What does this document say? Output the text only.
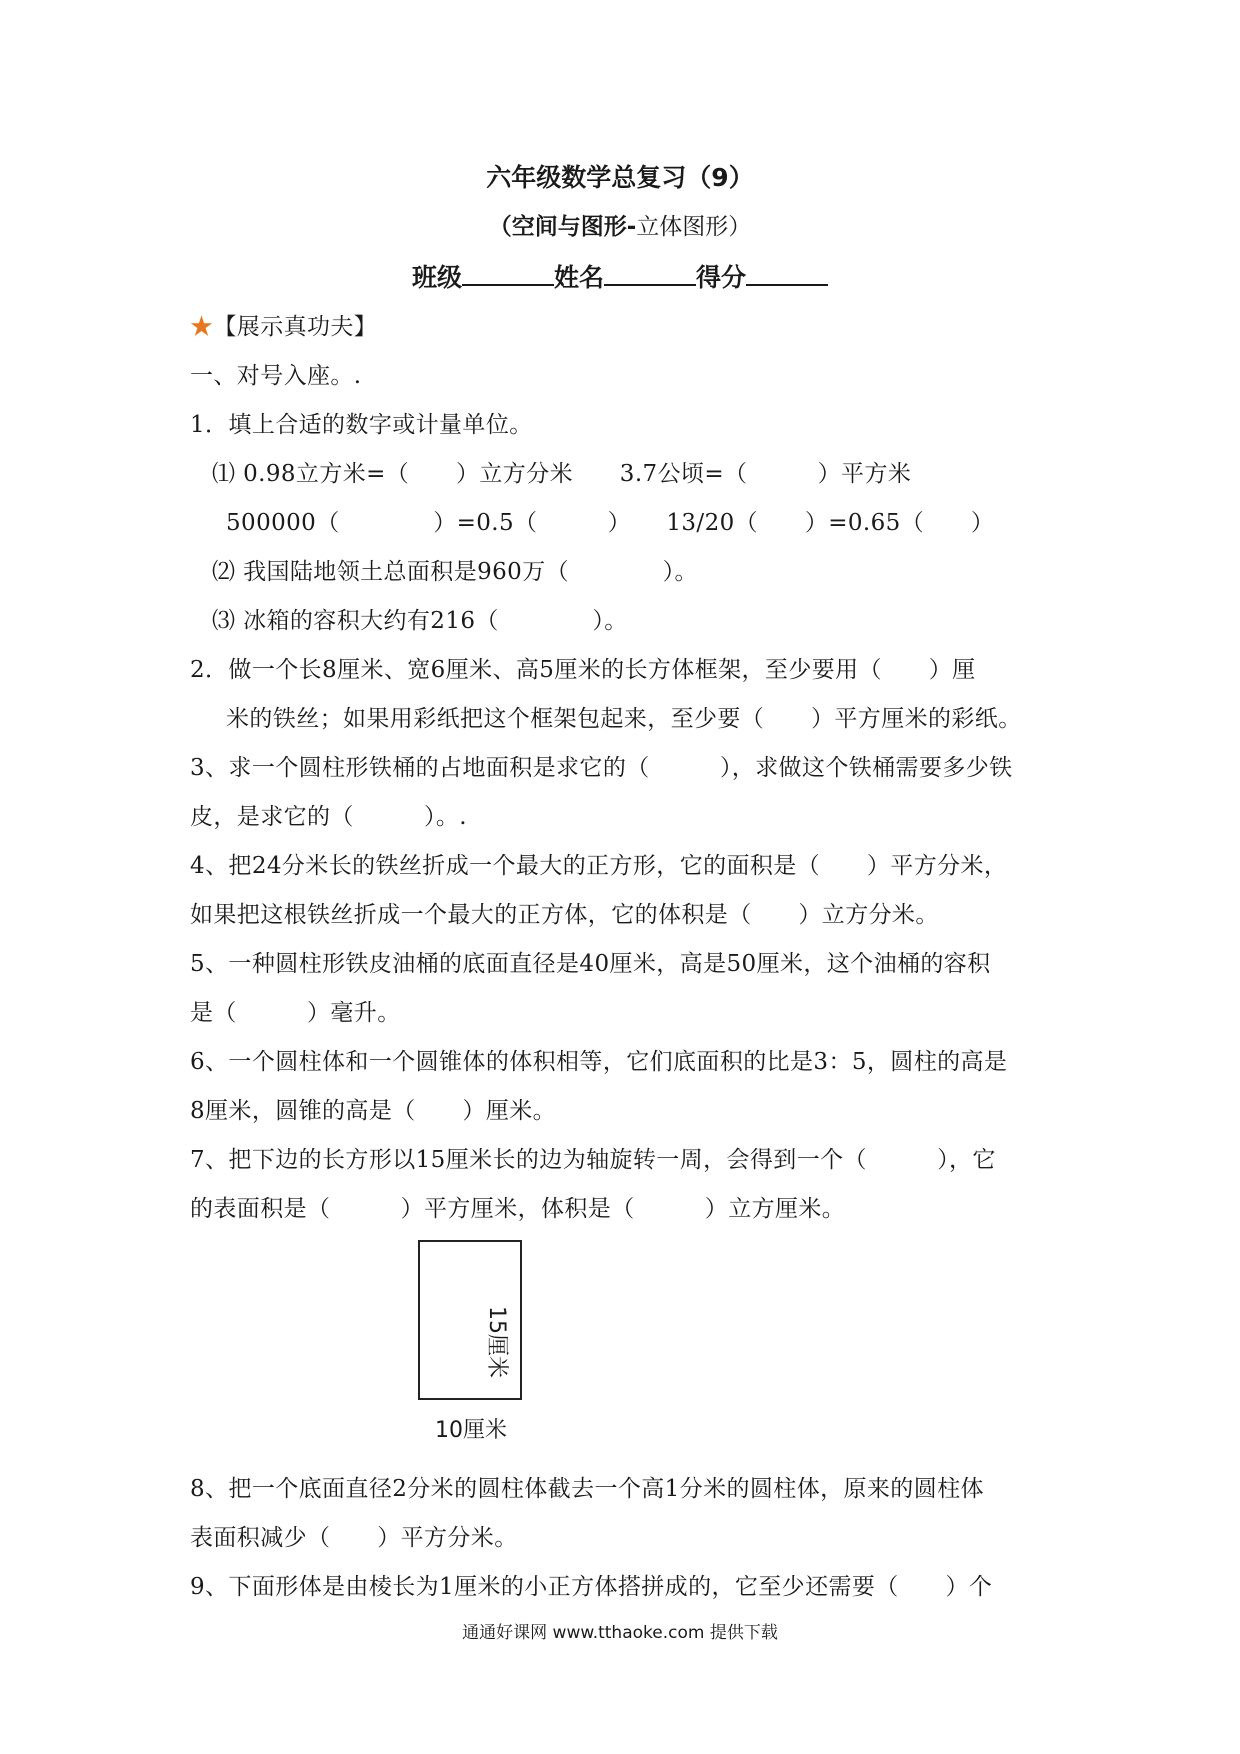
六年级数学总复习（9）
（空间与图形-立体图形）
班级	姓名	得分
★【展示真功夫】
一、对号入座。.
1．填上合适的数字或计量单位。
⑴ 0.98立方米=（　　）立方分米　　3.7公顷=（　　　）平方米
500000（　　　　）=0.5（　　　）　　13/20（　　）=0.65（　　）
⑵ 我国陆地领土总面积是960万（　　　　）。
⑶ 冰箱的容积大约有216（　　　　）。
2．做一个长8厘米、宽6厘米、高5厘米的长方体框架，至少要用（　　）厘
米的铁丝；如果用彩纸把这个框架包起来，至少要（　　）平方厘米的彩纸。
3、求一个圆柱形铁桶的占地面积是求它的（　　　），求做这个铁桶需要多少铁
皮，是求它的（　　　）。.
4、把24分米长的铁丝折成一个最大的正方形，它的面积是（　　）平方分米，
如果把这根铁丝折成一个最大的正方体，它的体积是（　　）立方分米。
5、一种圆柱形铁皮油桶的底面直径是40厘米，高是50厘米，这个油桶的容积
是（　　　）毫升。
6、一个圆柱体和一个圆锥体的体积相等，它们底面积的比是3：5，圆柱的高是
8厘米，圆锥的高是（　　）厘米。
7、把下边的长方形以15厘米长的边为轴旋转一周，会得到一个（　　　），它
的表面积是（　　　）平方厘米，体积是（　　　）立方厘米。
15厘米
10厘米
8、把一个底面直径2分米的圆柱体截去一个高1分米的圆柱体，原来的圆柱体
表面积减少（　　）平方分米。
9、下面形体是由棱长为1厘米的小正方体搭拼成的，它至少还需要（　　）个
通通好课网 www.tthaoke.com 提供下载
